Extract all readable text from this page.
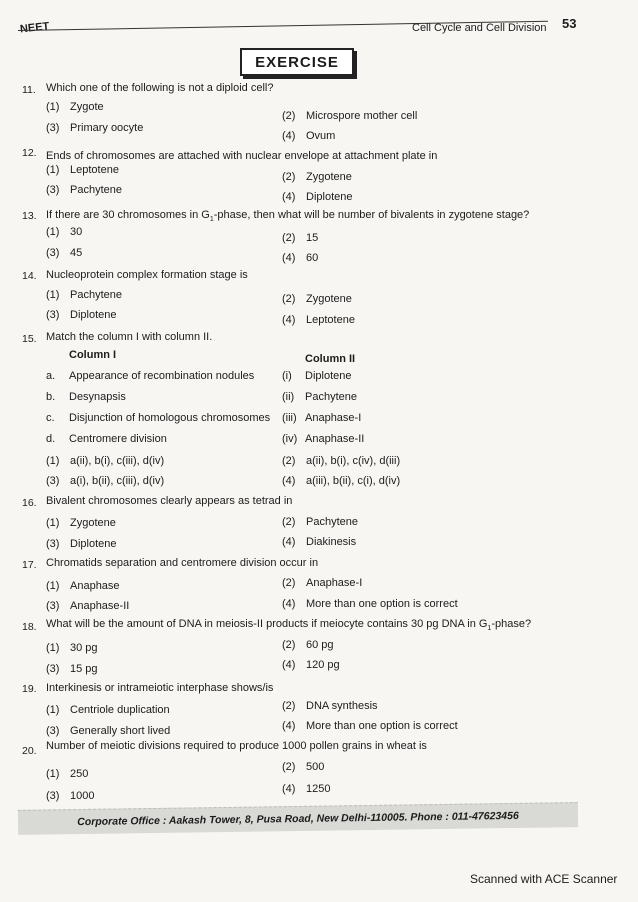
NEET	Cell Cycle and Cell Division 53
EXERCISE
11. Which one of the following is not a diploid cell?
(1) Zygote
(2) Microspore mother cell
(3) Primary oocyte
(4) Ovum
12. Ends of chromosomes are attached with nuclear envelope at attachment plate in
(1) Leptotene
(2) Zygotene
(3) Pachytene
(4) Diplotene
13. If there are 30 chromosomes in $G_1$-phase, then what will be number of bivalents in zygotene stage?
(1) 30	(2) 15
(3) 45	(4) 60
14. Nucleoprotein complex formation stage is
(1) Pachytene	(2) Zygotene
(3) Diplotene	(4) Leptotene
15. Match the column I with column II.
Column I	Column II
a. Appearance of recombination nodules	(i) Diplotene
b. Desynapsis	(ii) Pachytene
c. Disjunction of homologous chromosomes (iii) Anaphase-I
d. Centromere division	(iv) Anaphase-II
(1) a(ii), b(i), c(iii), d(iv)	(2) a(ii), b(i), c(iv), d(iii)
(3) a(i), b(ii), c(iii), d(iv)	(4) a(iii), b(ii), c(i), d(iv)
16. Bivalent chromosomes clearly appears as tetrad in
(1) Zygotene	(2) Pachytene
(3) Diplotene	(4) Diakinesis
17. Chromatids separation and centromere division occur in
(1) Anaphase	(2) Anaphase-I
(3) Anaphase-II	(4) More than one option is correct
18. What will be the amount of DNA in meiosis-II products if meiocyte contains 30 pg DNA in $G_1$-phase?
(1) 30 pg	(2) 60 pg
(3) 15 pg	(4) 120 pg
19. Interkinesis or intrameiotic interphase shows/is
(1) Centriole duplication	(2) DNA synthesis
(3) Generally short lived	(4) More than one option is correct
20. Number of meiotic divisions required to produce 1000 pollen grains in wheat is
(1) 250
(2) 500
(3) 1000
(4) 1250
Corporate Office : Aakash Tower, 8, Pusa Road, New Delhi-110005. Phone : 011-47623456
Scanned with ACE Scanner
